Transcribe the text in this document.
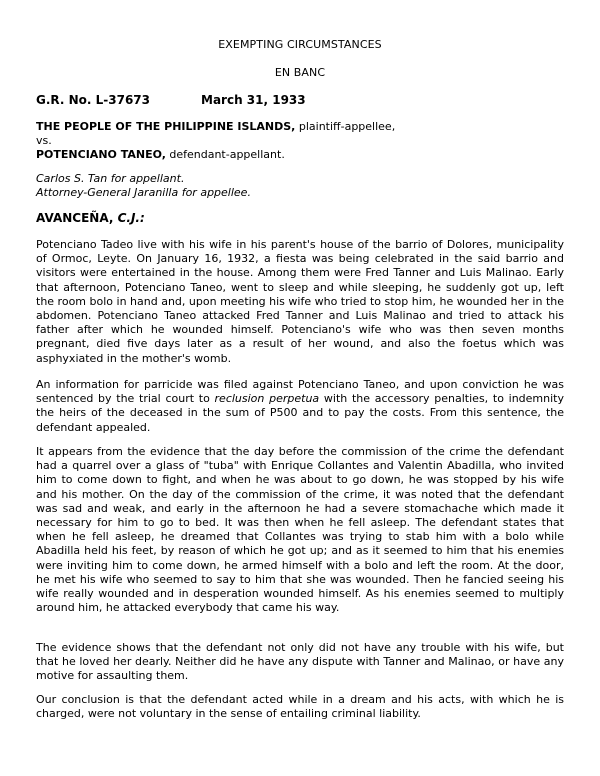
EXEMPTING CIRCUMSTANCES
EN BANC
G.R. No. L-37673	March 31, 1933
THE PEOPLE OF THE PHILIPPINE ISLANDS, plaintiff-appellee,
vs.
POTENCIANO TANEO, defendant-appellant.
Carlos S. Tan for appellant.
Attorney-General Jaranilla for appellee.
AVANCEÑA, C.J.:

Potenciano Tadeo live with his wife in his parent's house of the barrio of Dolores, municipality of Ormoc, Leyte. On January 16, 1932, a fiesta was being celebrated in the said barrio and visitors were entertained in the house. Among them were Fred Tanner and Luis Malinao. Early that afternoon, Potenciano Taneo, went to sleep and while sleeping, he suddenly got up, left the room bolo in hand and, upon meeting his wife who tried to stop him, he wounded her in the abdomen. Potenciano Taneo attacked Fred Tanner and Luis Malinao and tried to attack his father after which he wounded himself. Potenciano's wife who was then seven months pregnant, died five days later as a result of her wound, and also the foetus which was asphyxiated in the mother's womb.

An information for parricide was filed against Potenciano Taneo, and upon conviction he was sentenced by the trial court to reclusion perpetua with the accessory penalties, to indemnity the heirs of the deceased in the sum of P500 and to pay the costs. From this sentence, the defendant appealed.

It appears from the evidence that the day before the commission of the crime the defendant had a quarrel over a glass of "tuba" with Enrique Collantes and Valentin Abadilla, who invited him to come down to fight, and when he was about to go down, he was stopped by his wife and his mother. On the day of the commission of the crime, it was noted that the defendant was sad and weak, and early in the afternoon he had a severe stomachache which made it necessary for him to go to bed. It was then when he fell asleep. The defendant states that when he fell asleep, he dreamed that Collantes was trying to stab him with a bolo while Abadilla held his feet, by reason of which he got up; and as it seemed to him that his enemies were inviting him to come down, he armed himself with a bolo and left the room. At the door, he met his wife who seemed to say to him that she was wounded. Then he fancied seeing his wife really wounded and in desperation wounded himself. As his enemies seemed to multiply around him, he attacked everybody that came his way.

The evidence shows that the defendant not only did not have any trouble with his wife, but that he loved her dearly. Neither did he have any dispute with Tanner and Malinao, or have any motive for assaulting them.

Our conclusion is that the defendant acted while in a dream and his acts, with which he is charged, were not voluntary in the sense of entailing criminal liability.
